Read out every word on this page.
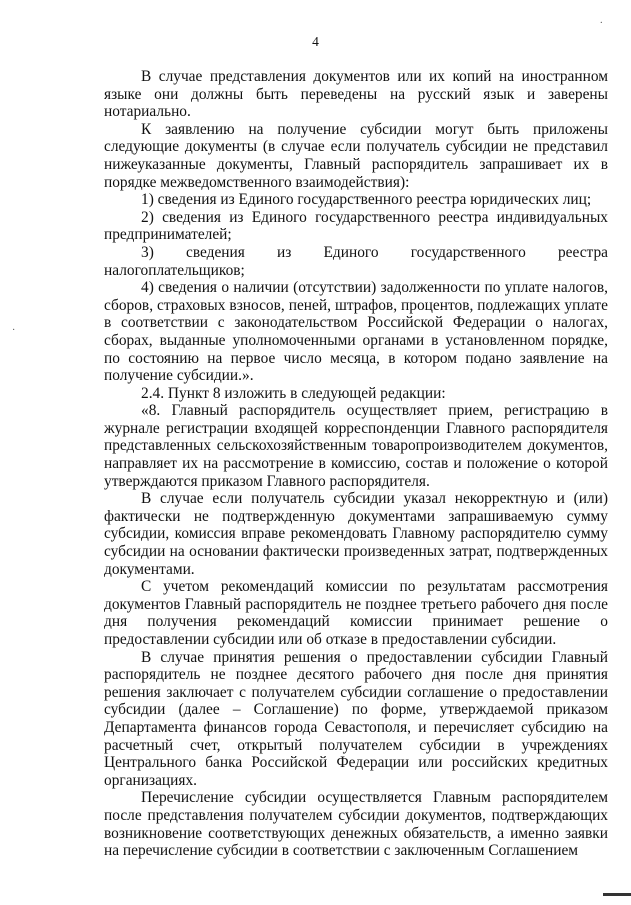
·
·
4

В случае представления документов или их копий на иностранном языке они должны быть переведены на русский язык и заверены нотариально.

К заявлению на получение субсидии могут быть приложены следующие документы (в случае если получатель субсидии не представил нижеуказанные документы, Главный распорядитель запрашивает их в порядке межведомственного взаимодействия):

1) сведения из Единого государственного реестра юридических лиц;

2) сведения из Единого государственного реестра индивидуальных предпринимателей;

3) сведения из Единого государственного реестра налогоплательщиков;

4) сведения о наличии (отсутствии) задолженности по уплате налогов, сборов, страховых взносов, пеней, штрафов, процентов, подлежащих уплате в соответствии с законодательством Российской Федерации о налогах, сборах, выданные уполномоченными органами в установленном порядке, по состоянию на первое число месяца, в котором подано заявление на получение субсидии.».

2.4. Пункт 8 изложить в следующей редакции:

«8. Главный распорядитель осуществляет прием, регистрацию в журнале регистрации входящей корреспонденции Главного распорядителя представленных сельскохозяйственным товаропроизводителем документов, направляет их на рассмотрение в комиссию, состав и положение о которой утверждаются приказом Главного распорядителя.

В случае если получатель субсидии указал некорректную и (или) фактически не подтвержденную документами запрашиваемую сумму субсидии, комиссия вправе рекомендовать Главному распорядителю сумму субсидии на основании фактически произведенных затрат, подтвержденных документами.

С учетом рекомендаций комиссии по результатам рассмотрения документов Главный распорядитель не позднее третьего рабочего дня после дня получения рекомендаций комиссии принимает решение о предоставлении субсидии или об отказе в предоставлении субсидии.

В случае принятия решения о предоставлении субсидии Главный распорядитель не позднее десятого рабочего дня после дня принятия решения заключает с получателем субсидии соглашение о предоставлении субсидии (далее – Соглашение) по форме, утверждаемой приказом Департамента финансов города Севастополя, и перечисляет субсидию на расчетный счет, открытый получателем субсидии в учреждениях Центрального банка Российской Федерации или российских кредитных организациях.

Перечисление субсидии осуществляется Главным распорядителем после представления получателем субсидии документов, подтверждающих возникновение соответствующих денежных обязательств, а именно заявки на перечисление субсидии в соответствии с заключенным Соглашением
